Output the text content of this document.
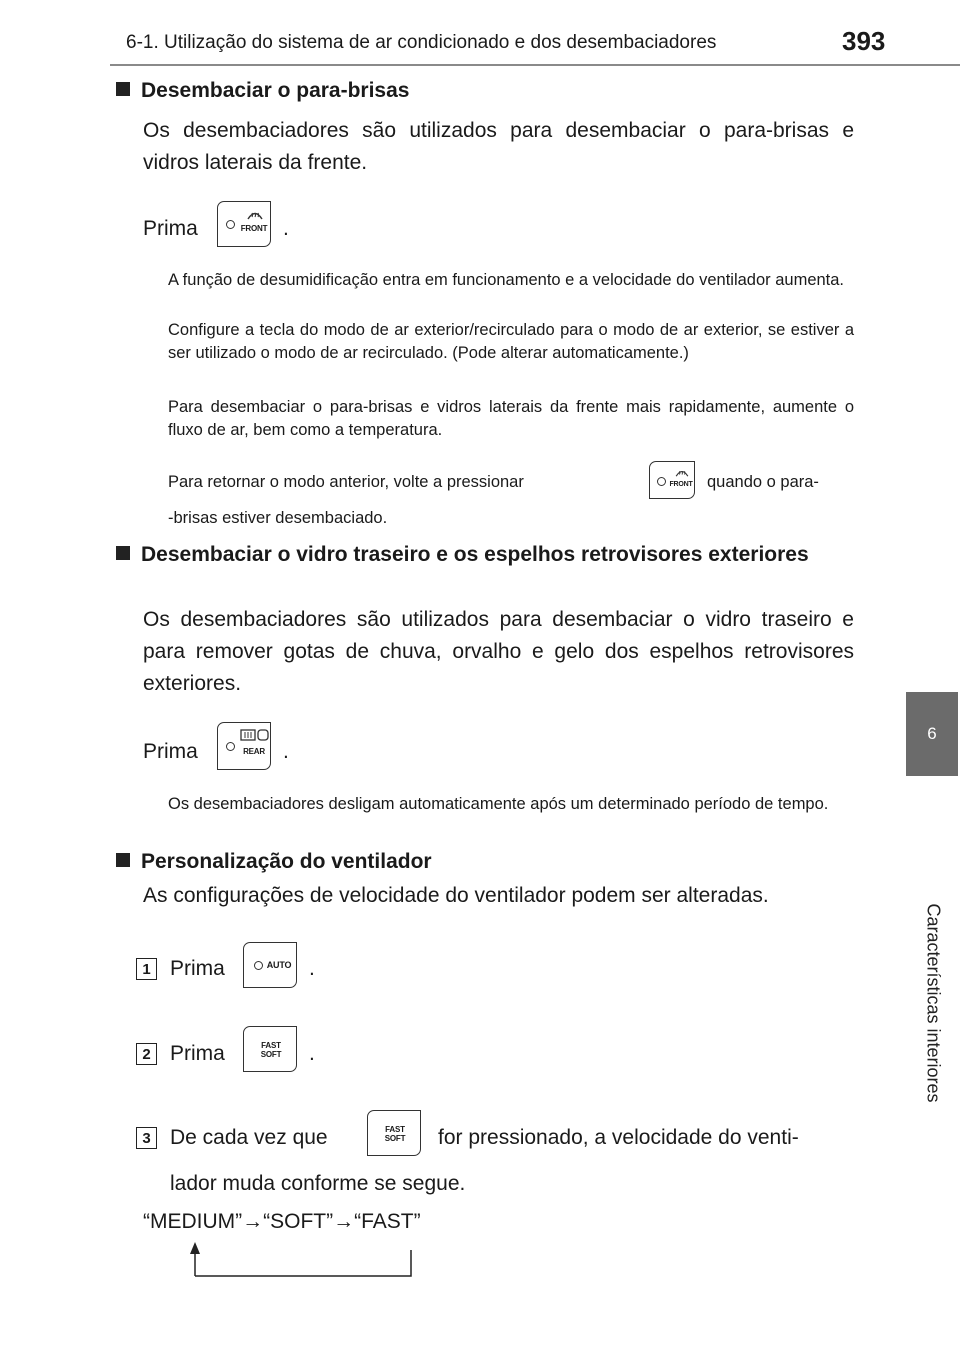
6-1. Utilização do sistema de ar condicionado e dos desembaciadores	393
6
Características interiores
Desembaciar o para-brisas
Os desembaciadores são utilizados para desembaciar o para-brisas e vidros laterais da frente.
Prima	FRONT .
A função de desumidificação entra em funcionamento e a velocidade do ventilador aumenta.
Configure a tecla do modo de ar exterior/recirculado para o modo de ar exterior, se estiver a ser utilizado o modo de ar recirculado. (Pode alterar automaticamente.)
Para desembaciar o para-brisas e vidros laterais da frente mais rapidamente, aumente o fluxo de ar, bem como a temperatura.
Para retornar o modo anterior, volte a pressionar	FRONT quando o para-
-brisas estiver desembaciado.
Desembaciar o vidro traseiro e os espelhos retrovisores exteriores
Os desembaciadores são utilizados para desembaciar o vidro traseiro e para remover gotas de chuva, orvalho e gelo dos espelhos retrovisores exteriores.
Prima	REAR .
Os desembaciadores desligam automaticamente após um determinado período de tempo.
Personalização do ventilador
As configurações de velocidade do ventilador podem ser alteradas.
1 Prima	AUTO .
2 Prima	FAST
SOFT .
3 De cada vez que	FAST
SOFT for pressionado, a velocidade do venti-
lador muda conforme se segue.
“MEDIUM”→“SOFT”→“FAST”
